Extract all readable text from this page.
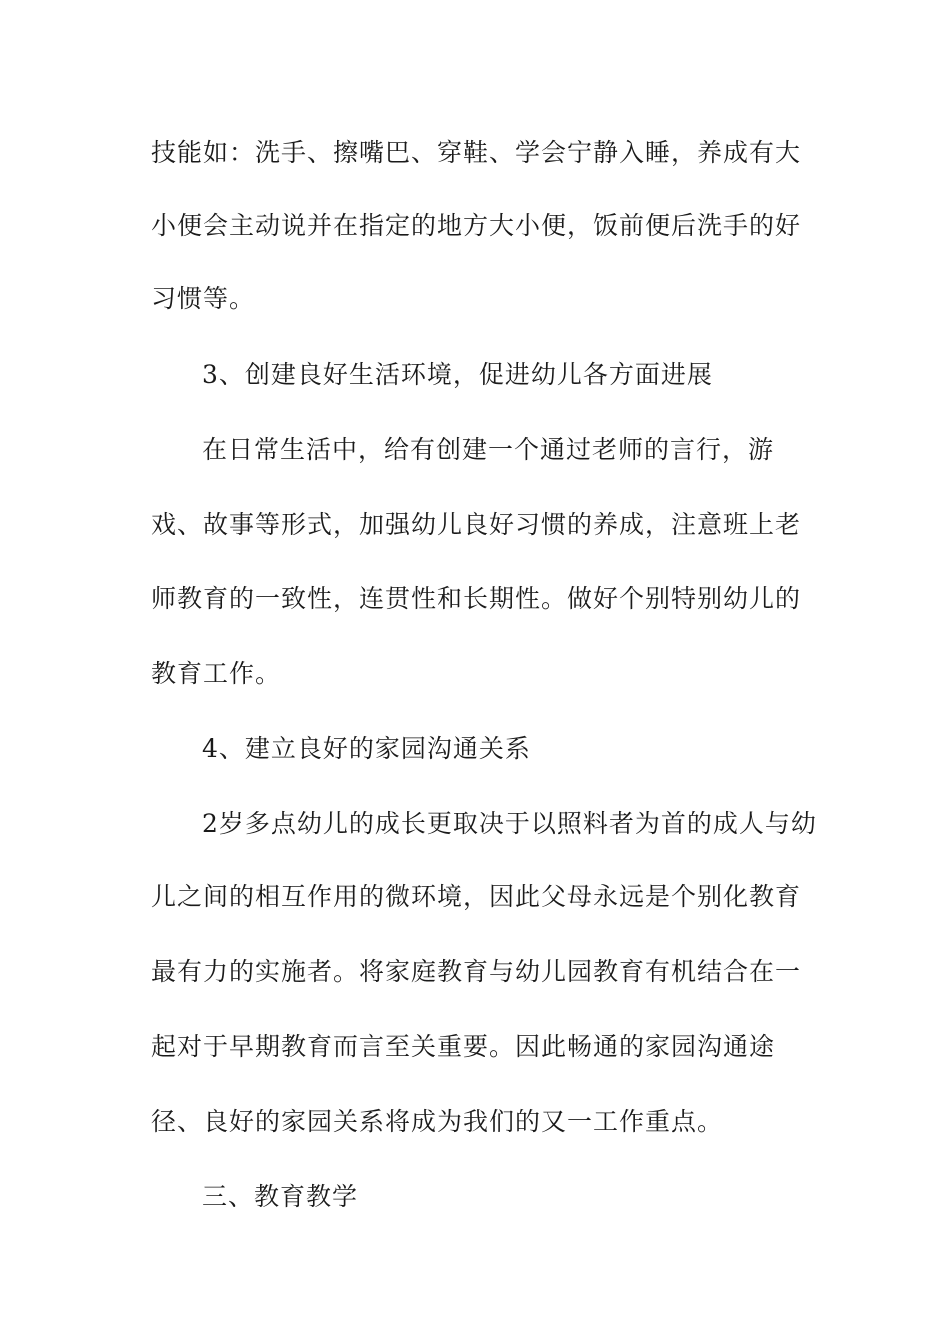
技能如：洗手、擦嘴巴、穿鞋、学会宁静入睡，养成有大

小便会主动说并在指定的地方大小便，饭前便后洗手的好

习惯等。

3、创建良好生活环境，促进幼儿各方面进展

在日常生活中，给有创建一个通过老师的言行，游

戏、故事等形式，加强幼儿良好习惯的养成，注意班上老

师教育的一致性，连贯性和长期性。做好个别特别幼儿的

教育工作。

4、建立良好的家园沟通关系

2岁多点幼儿的成长更取决于以照料者为首的成人与幼

儿之间的相互作用的微环境，因此父母永远是个别化教育

最有力的实施者。将家庭教育与幼儿园教育有机结合在一

起对于早期教育而言至关重要。因此畅通的家园沟通途

径、良好的家园关系将成为我们的又一工作重点。

三、教育教学
